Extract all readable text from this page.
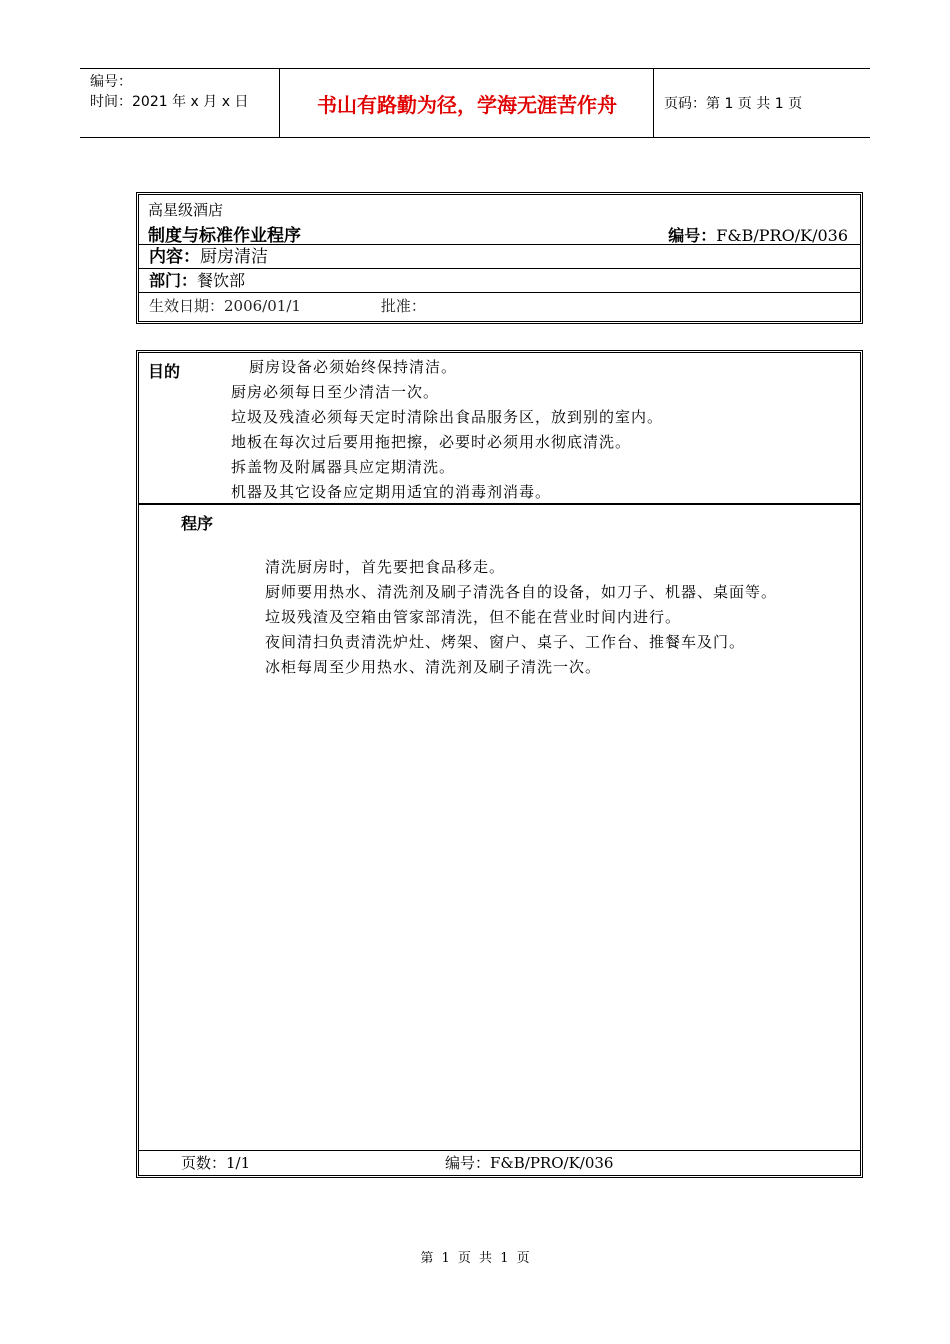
编号：
时间：2021 年 x 月 x 日	书山有路勤为径，学海无涯苦作舟	页码：第 1 页 共 1 页
高星级酒店
制度与标准作业程序	编号：F&B/PRO/K/036
内容：厨房清洁
部门：餐饮部
生效日期：2006/01/1	批准：
目的	厨房设备必须始终保持清洁。
厨房必须每日至少清洁一次。
垃圾及残渣必须每天定时清除出食品服务区，放到别的室内。
地板在每次过后要用拖把擦，必要时必须用水彻底清洗。
拆盖物及附属器具应定期清洗。
机器及其它设备应定期用适宜的消毒剂消毒。
程序
清洗厨房时，首先要把食品移走。
厨师要用热水、清洗剂及刷子清洗各自的设备，如刀子、机器、桌面等。
垃圾残渣及空箱由管家部清洗，但不能在营业时间内进行。
夜间清扫负责清洗炉灶、烤架、窗户、桌子、工作台、推餐车及门。
冰柜每周至少用热水、清洗剂及刷子清洗一次。
页数：1/1	编号：F&B/PRO/K/036
第 1 页 共 1 页
